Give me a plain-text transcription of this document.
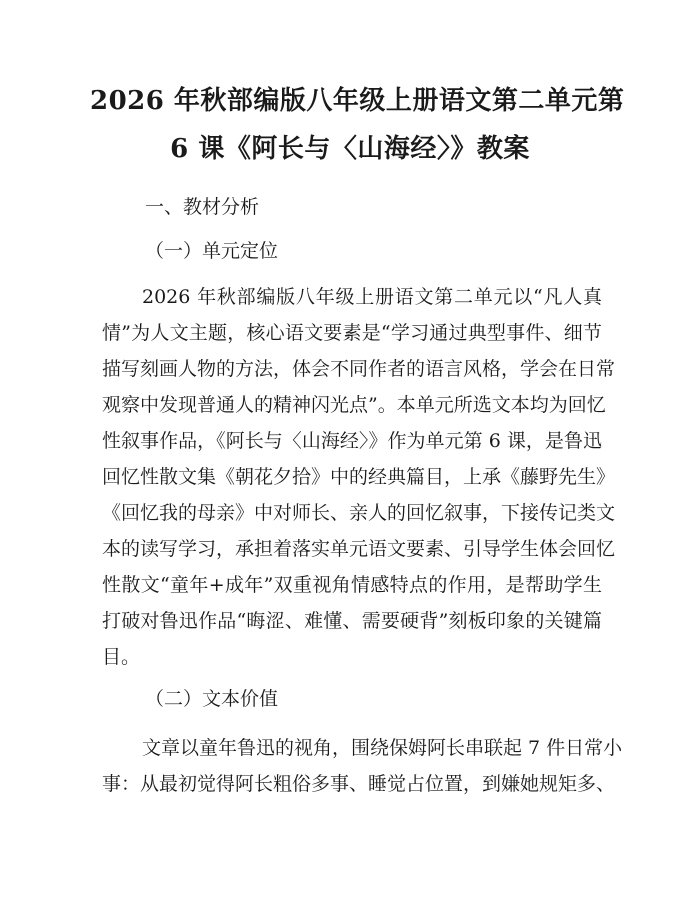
2026 年秋部编版八年级上册语文第二单元第
6 课《阿长与〈山海经〉》教案
一、教材分析
（一）单元定位
2026 年秋部编版八年级上册语文第二单元以“凡人真
情”为人文主题，核心语文要素是“学习通过典型事件、细节
描写刻画人物的方法，体会不同作者的语言风格，学会在日常
观察中发现普通人的精神闪光点”。本单元所选文本均为回忆
性叙事作品，《阿长与〈山海经〉》作为单元第 6 课，是鲁迅
回忆性散文集《朝花夕拾》中的经典篇目，上承《藤野先生》
《回忆我的母亲》中对师长、亲人的回忆叙事，下接传记类文
本的读写学习，承担着落实单元语文要素、引导学生体会回忆
性散文“童年+成年”双重视角情感特点的作用，是帮助学生
打破对鲁迅作品“晦涩、难懂、需要硬背”刻板印象的关键篇
目。
（二）文本价值
文章以童年鲁迅的视角，围绕保姆阿长串联起 7 件日常小
事：从最初觉得阿长粗俗多事、睡觉占位置，到嫌她规矩多、
